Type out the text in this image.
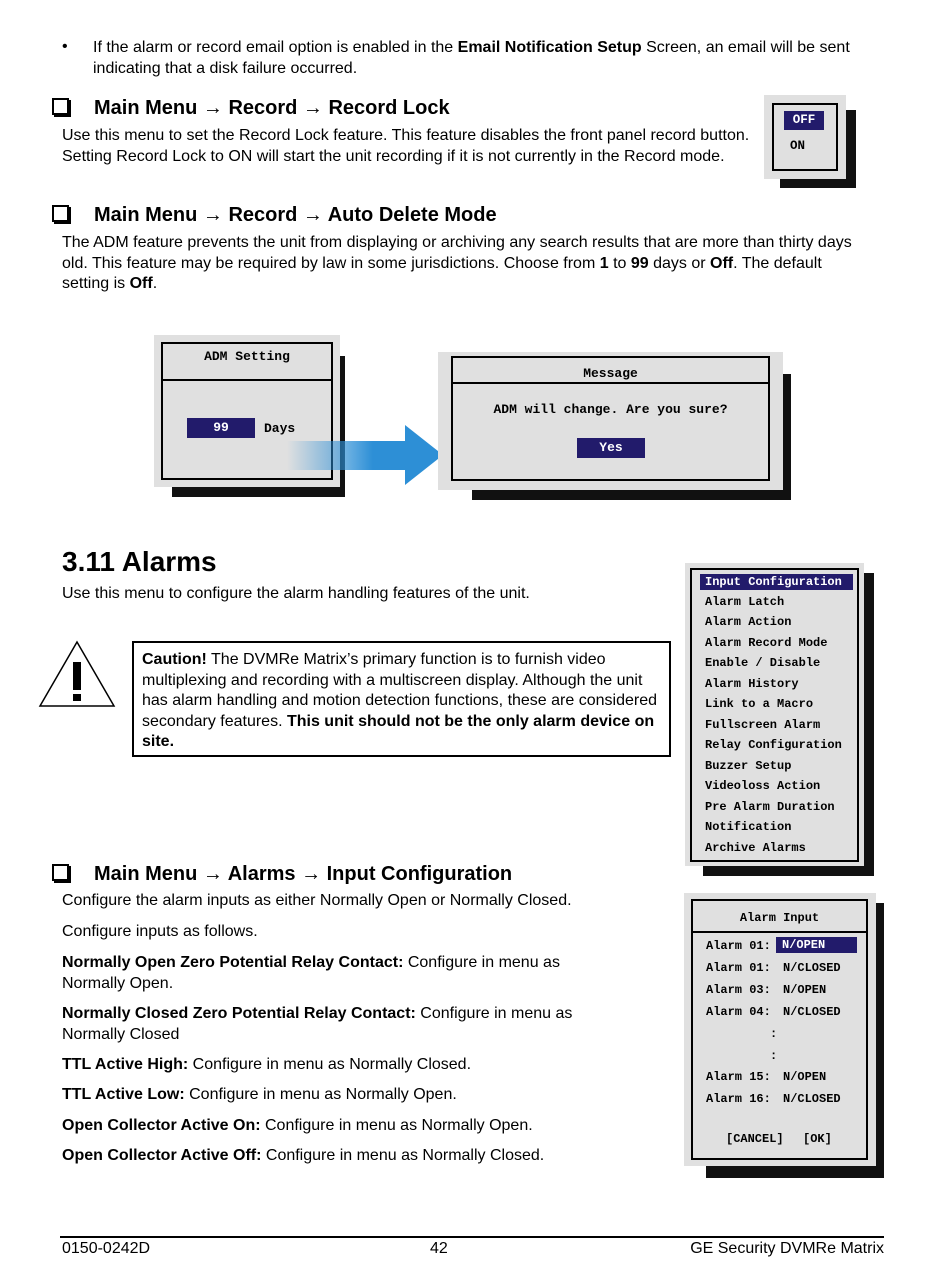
• If the alarm or record email option is enabled in the Email Notification Setup Screen, an email will be sent indicating that a disk failure occurred.

Main Menu → Record → Record Lock

Use this menu to set the Record Lock feature. This feature disables the front panel record button. Setting Record Lock to ON will start the unit recording if it is not currently in the Record mode.

OFF
ON
Main Menu → Record → Auto Delete Mode

The ADM feature prevents the unit from displaying or archiving any search results that are more than thirty days old. This feature may be required by law in some jurisdictions. Choose from 1 to 99 days or Off. The default setting is Off.

ADM Setting
99	Days
Message
ADM will change. Are you sure?
Yes
3.11 Alarms

Use this menu to configure the alarm handling features of the unit.

Caution! The DVMRe Matrix’s primary function is to furnish video multiplexing and recording with a multiscreen display. Although the unit has alarm handling and motion detection functions, these are considered secondary features. This unit should not be the only alarm device on site.

Input Configuration
Alarm Latch
Alarm Action
Alarm Record Mode
Enable / Disable
Alarm History
Link to a Macro
Fullscreen Alarm
Relay Configuration
Buzzer Setup
Videoloss Action
Pre Alarm Duration
Notification
Archive Alarms
Main Menu → Alarms → Input Configuration

Configure the alarm inputs as either Normally Open or Normally Closed.

Configure inputs as follows.

Normally Open Zero Potential Relay Contact: Configure in menu as Normally Open.

Normally Closed Zero Potential Relay Contact: Configure in menu as Normally Closed

TTL Active High: Configure in menu as Normally Closed.

TTL Active Low: Configure in menu as Normally Open.

Open Collector Active On: Configure in menu as Normally Open.

Open Collector Active Off: Configure in menu as Normally Closed.

Alarm Input
Alarm 01: N/OPEN
Alarm 01: N/CLOSED
Alarm 03: N/OPEN
Alarm 04: N/CLOSED
:
:
Alarm 15: N/OPEN
Alarm 16: N/CLOSED
[CANCEL] [OK]
0150-0242D	42	GE Security DVMRe Matrix
